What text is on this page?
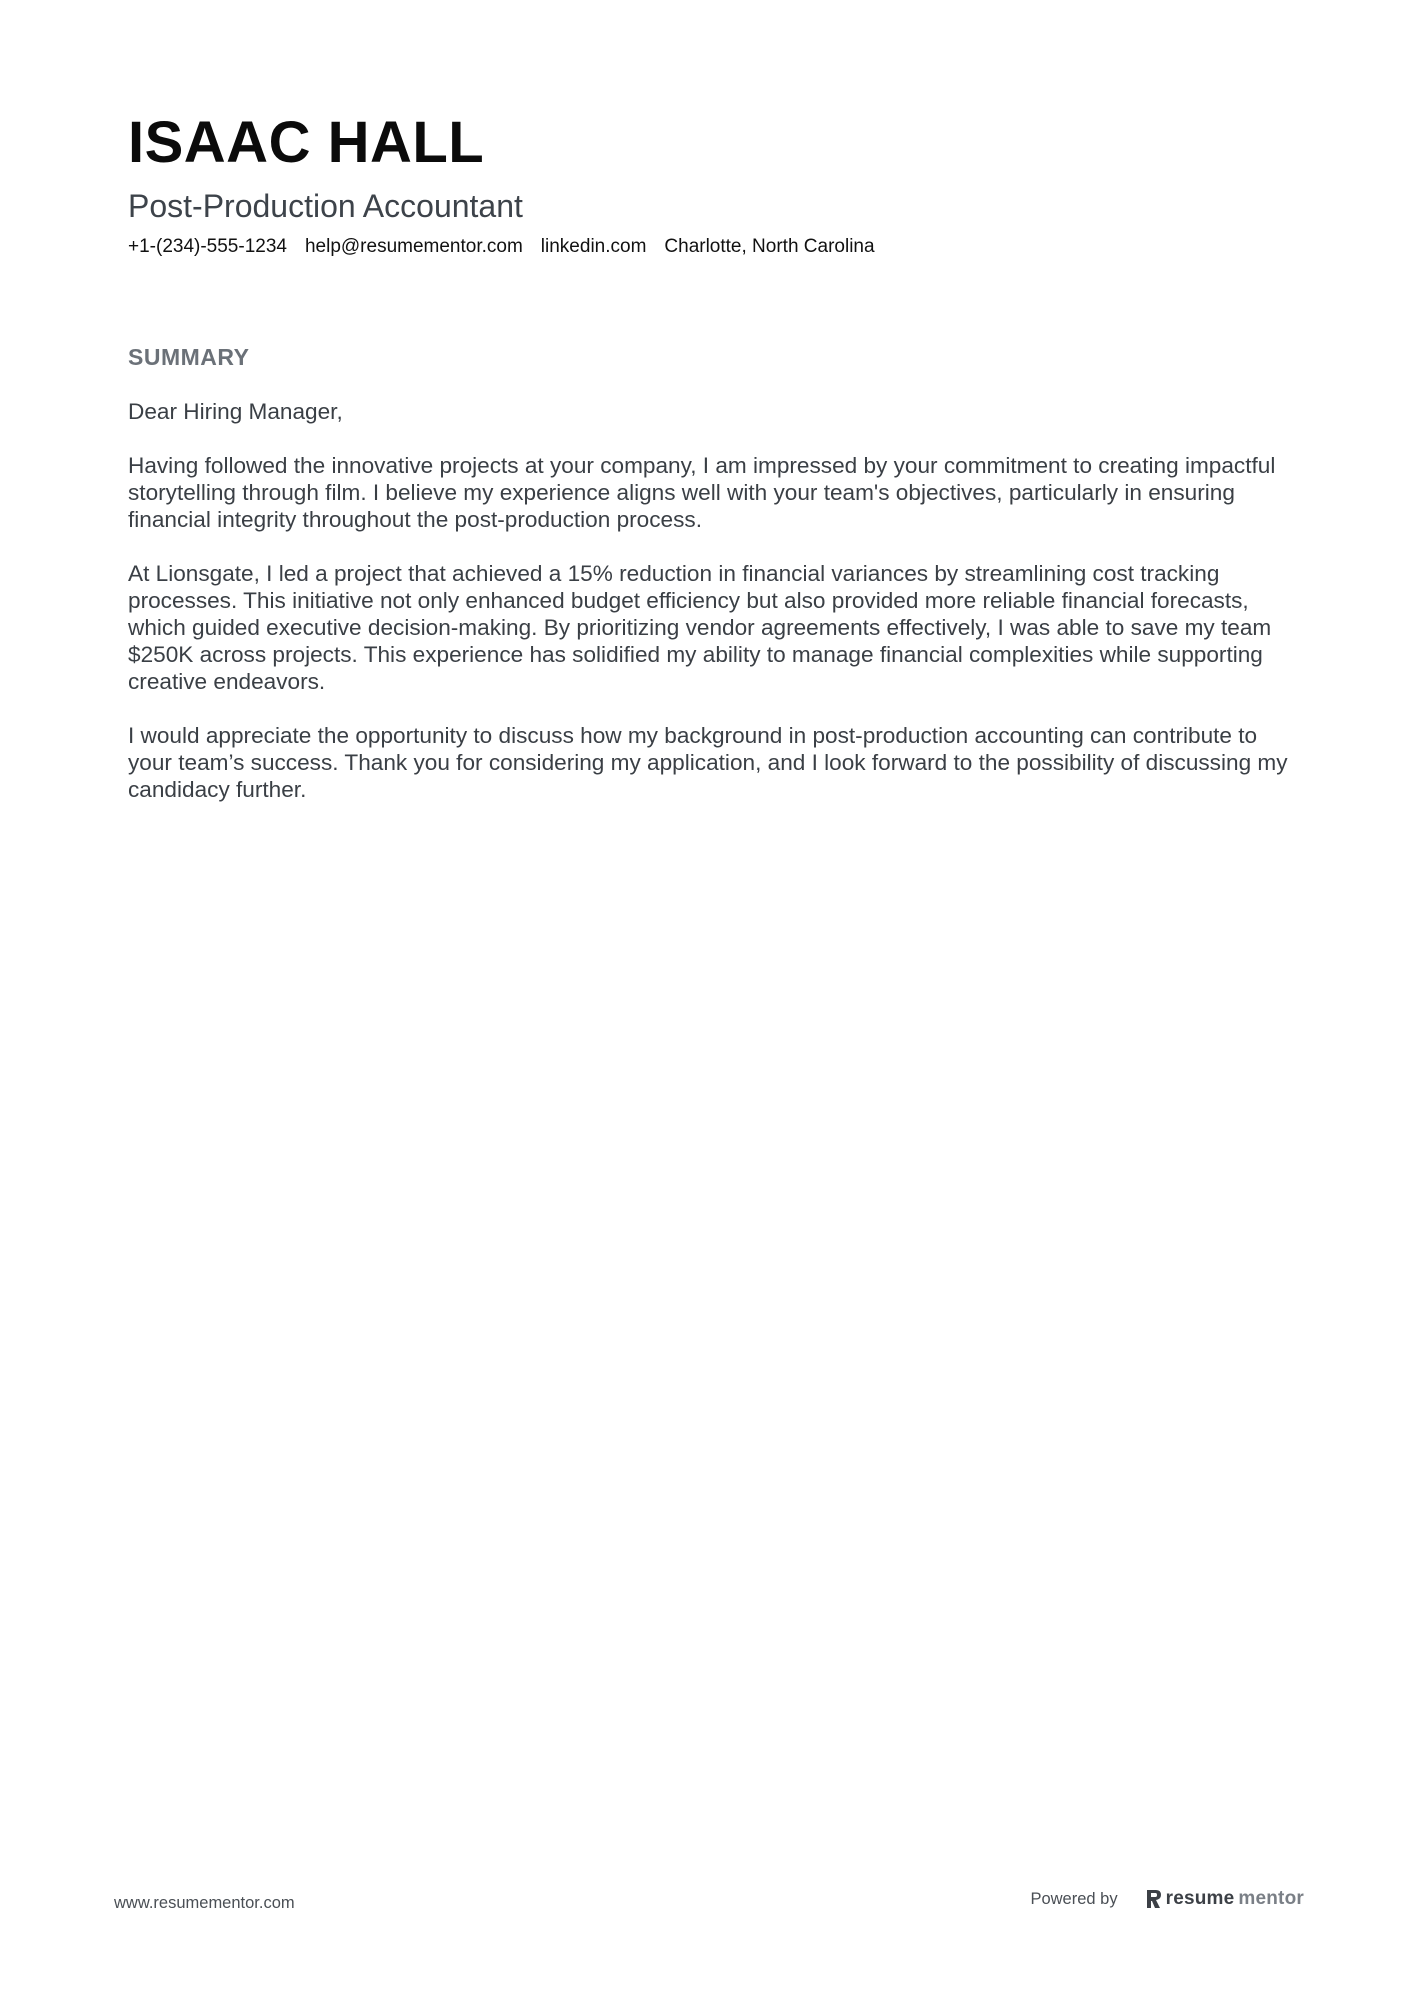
ISAAC HALL
Post-Production Accountant
+1-(234)-555-1234 help@resumementor.com linkedin.com Charlotte, North Carolina
SUMMARY

Dear Hiring Manager,

Having followed the innovative projects at your company, I am impressed by your commitment to creating impactful storytelling through film. I believe my experience aligns well with your team's objectives, particularly in ensuring financial integrity throughout the post-production process.

At Lionsgate, I led a project that achieved a 15% reduction in financial variances by streamlining cost tracking processes. This initiative not only enhanced budget efficiency but also provided more reliable financial forecasts, which guided executive decision-making. By prioritizing vendor agreements effectively, I was able to save my team $250K across projects. This experience has solidified my ability to manage financial complexities while supporting creative endeavors.

I would appreciate the opportunity to discuss how my background in post-production accounting can contribute to your team’s success. Thank you for considering my application, and I look forward to the possibility of discussing my candidacy further.

www.resumementor.com	Powered by	resume mentor
